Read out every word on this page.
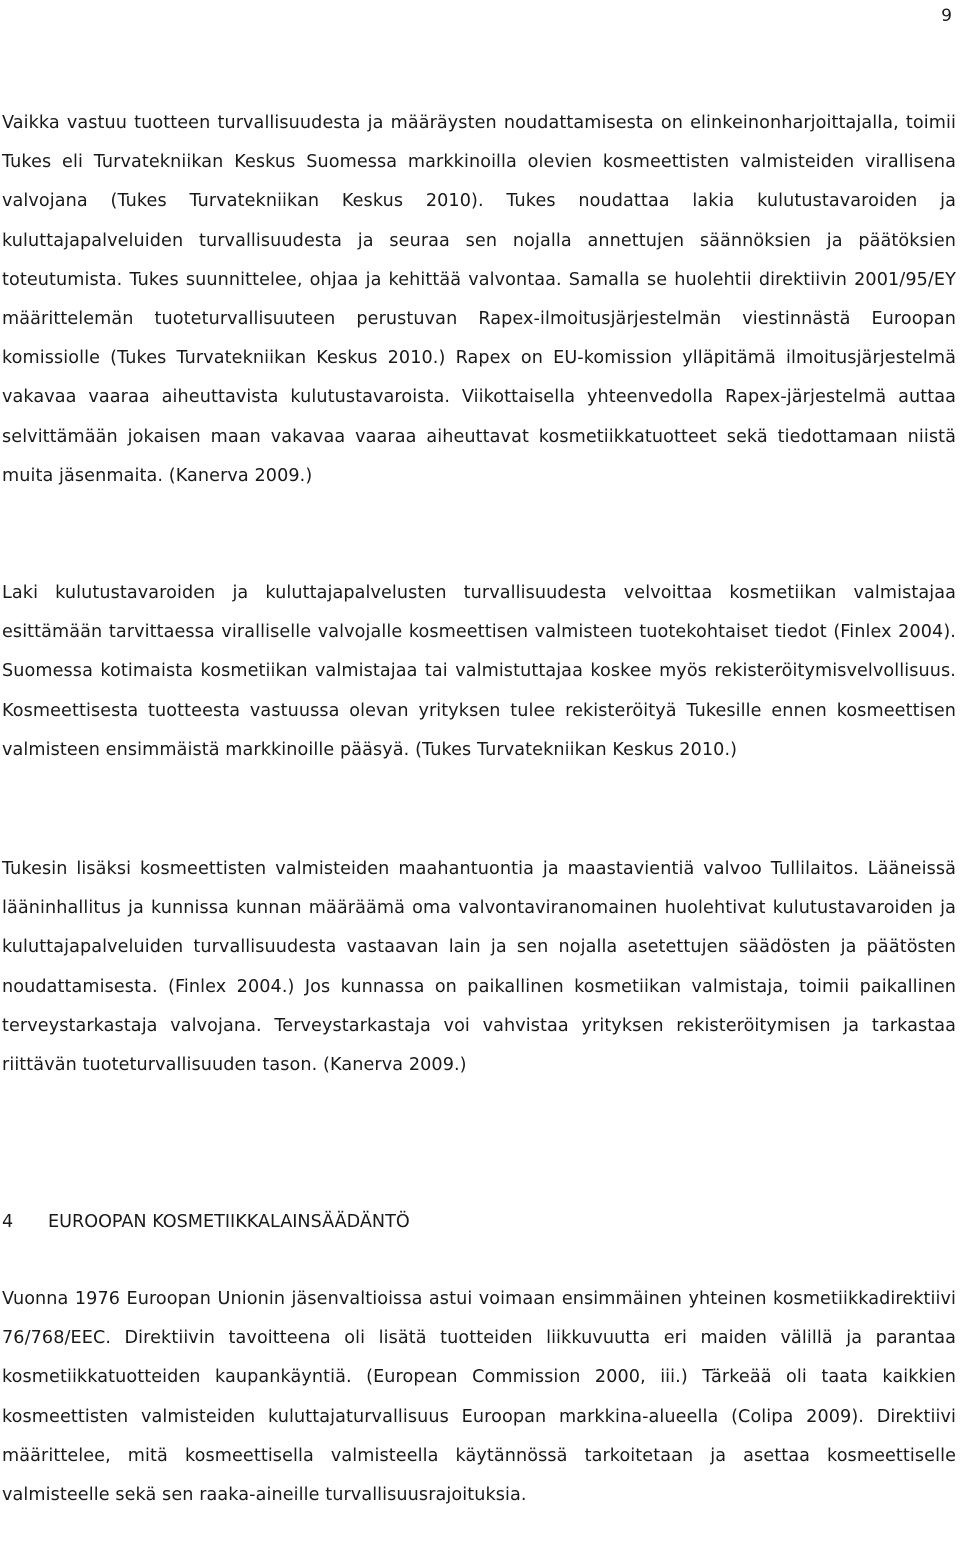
9

Vaikka vastuu tuotteen turvallisuudesta ja määräysten noudattamisesta on elinkeinonharjoittajalla, toimii Tukes eli Turvatekniikan Keskus Suomessa markkinoilla olevien kosmeettisten valmisteiden virallisena valvojana (Tukes Turvatekniikan Keskus 2010). Tukes noudattaa lakia kulutustavaroiden ja kuluttajapalveluiden turvallisuudesta ja seuraa sen nojalla annettujen säännöksien ja päätöksien toteutumista. Tukes suunnittelee, ohjaa ja kehittää valvontaa. Samalla se huolehtii direktiivin 2001/95/EY määrittelemän tuoteturvallisuuteen perustuvan Rapex-ilmoitusjärjestelmän viestinnästä Euroopan komissiolle (Tukes Turvatekniikan Keskus 2010.) Rapex on EU-komission ylläpitämä ilmoitusjärjestelmä vakavaa vaaraa aiheuttavista kulutustavaroista. Viikottaisella yhteenvedolla Rapex-järjestelmä auttaa selvittämään jokaisen maan vakavaa vaaraa aiheuttavat kosmetiikkatuotteet sekä tiedottamaan niistä muita jäsenmaita. (Kanerva 2009.)

Laki kulutustavaroiden ja kuluttajapalvelusten turvallisuudesta velvoittaa kosmetiikan valmistajaa esittämään tarvittaessa viralliselle valvojalle kosmeettisen valmisteen tuotekohtaiset tiedot (Finlex 2004). Suomessa kotimaista kosmetiikan valmistajaa tai valmistuttajaa koskee myös rekisteröitymisvelvollisuus. Kosmeettisesta tuotteesta vastuussa olevan yrityksen tulee rekisteröityä Tukesille ennen kosmeettisen valmisteen ensimmäistä markkinoille pääsyä. (Tukes Turvatekniikan Keskus 2010.)

Tukesin lisäksi kosmeettisten valmisteiden maahantuontia ja maastavientiä valvoo Tullilaitos. Lääneissä lääninhallitus ja kunnissa kunnan määräämä oma valvontaviranomainen huolehtivat kulutustavaroiden ja kuluttajapalveluiden turvallisuudesta vastaavan lain ja sen nojalla asetettujen säädösten ja päätösten noudattamisesta. (Finlex 2004.) Jos kunnassa on paikallinen kosmetiikan valmistaja, toimii paikallinen terveystarkastaja valvojana. Terveystarkastaja voi vahvistaa yrityksen rekisteröitymisen ja tarkastaa riittävän tuoteturvallisuuden tason. (Kanerva 2009.)

4 EUROOPAN KOSMETIIKKALAINSÄÄDÄNTÖ

Vuonna 1976 Euroopan Unionin jäsenvaltioissa astui voimaan ensimmäinen yhteinen kosmetiikkadirektiivi 76/768/EEC. Direktiivin tavoitteena oli lisätä tuotteiden liikkuvuutta eri maiden välillä ja parantaa kosmetiikkatuotteiden kaupankäyntiä. (European Commission 2000, iii.) Tärkeää oli taata kaikkien kosmeettisten valmisteiden kuluttajaturvallisuus Euroopan markkina-alueella (Colipa 2009). Direktiivi määrittelee, mitä kosmeettisella valmisteella käytännössä tarkoitetaan ja asettaa kosmeettiselle valmisteelle sekä sen raaka-aineille turvallisuusrajoituksia.
